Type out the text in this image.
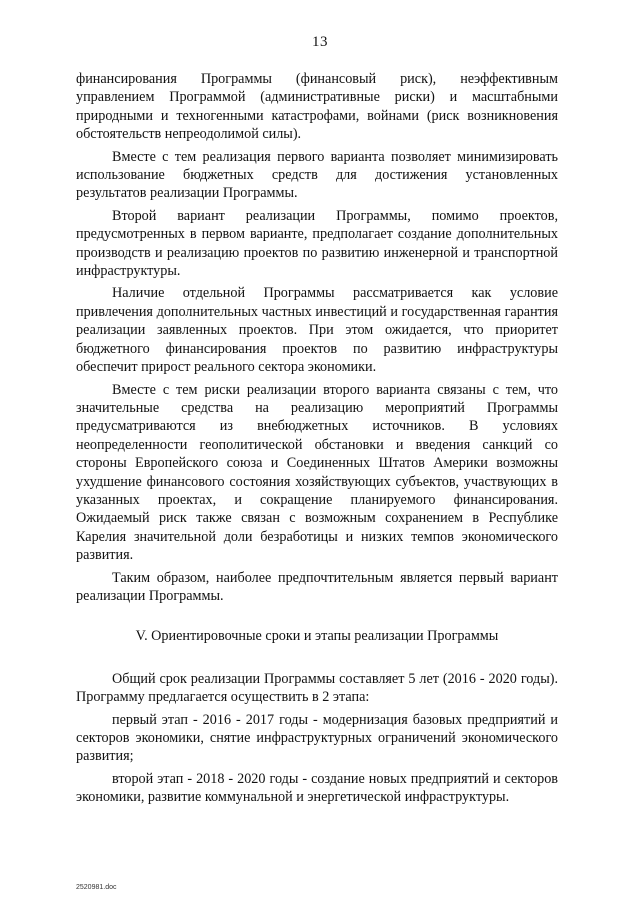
13

финансирования Программы (финансовый риск), неэффективным управлением Программой (административные риски) и масштабными природными и техногенными катастрофами, войнами (риск возникновения обстоятельств непреодолимой силы).

Вместе с тем реализация первого варианта позволяет минимизировать использование бюджетных средств для достижения установленных результатов реализации Программы.

Второй вариант реализации Программы, помимо проектов, предусмотренных в первом варианте, предполагает создание дополнительных производств и реализацию проектов по развитию инженерной и транспортной инфраструктуры.

Наличие отдельной Программы рассматривается как условие привлечения дополнительных частных инвестиций и государственная гарантия реализации заявленных проектов. При этом ожидается, что приоритет бюджетного финансирования проектов по развитию инфраструктуры обеспечит прирост реального сектора экономики.

Вместе с тем риски реализации второго варианта связаны с тем, что значительные средства на реализацию мероприятий Программы предусматриваются из внебюджетных источников. В условиях неопределенности геополитической обстановки и введения санкций со стороны Европейского союза и Соединенных Штатов Америки возможны ухудшение финансового состояния хозяйствующих субъектов, участвующих в указанных проектах, и сокращение планируемого финансирования. Ожидаемый риск также связан с возможным сохранением в Республике Карелия значительной доли безработицы и низких темпов экономического развития.

Таким образом, наиболее предпочтительным является первый вариант реализации Программы.

V. Ориентировочные сроки и этапы реализации Программы

Общий срок реализации Программы составляет 5 лет (2016 - 2020 годы). Программу предлагается осуществить в 2 этапа:

первый этап - 2016 - 2017 годы - модернизация базовых предприятий и секторов экономики, снятие инфраструктурных ограничений экономического развития;

второй этап - 2018 - 2020 годы - создание новых предприятий и секторов экономики, развитие коммунальной и энергетической инфраструктуры.

2520981.doc
